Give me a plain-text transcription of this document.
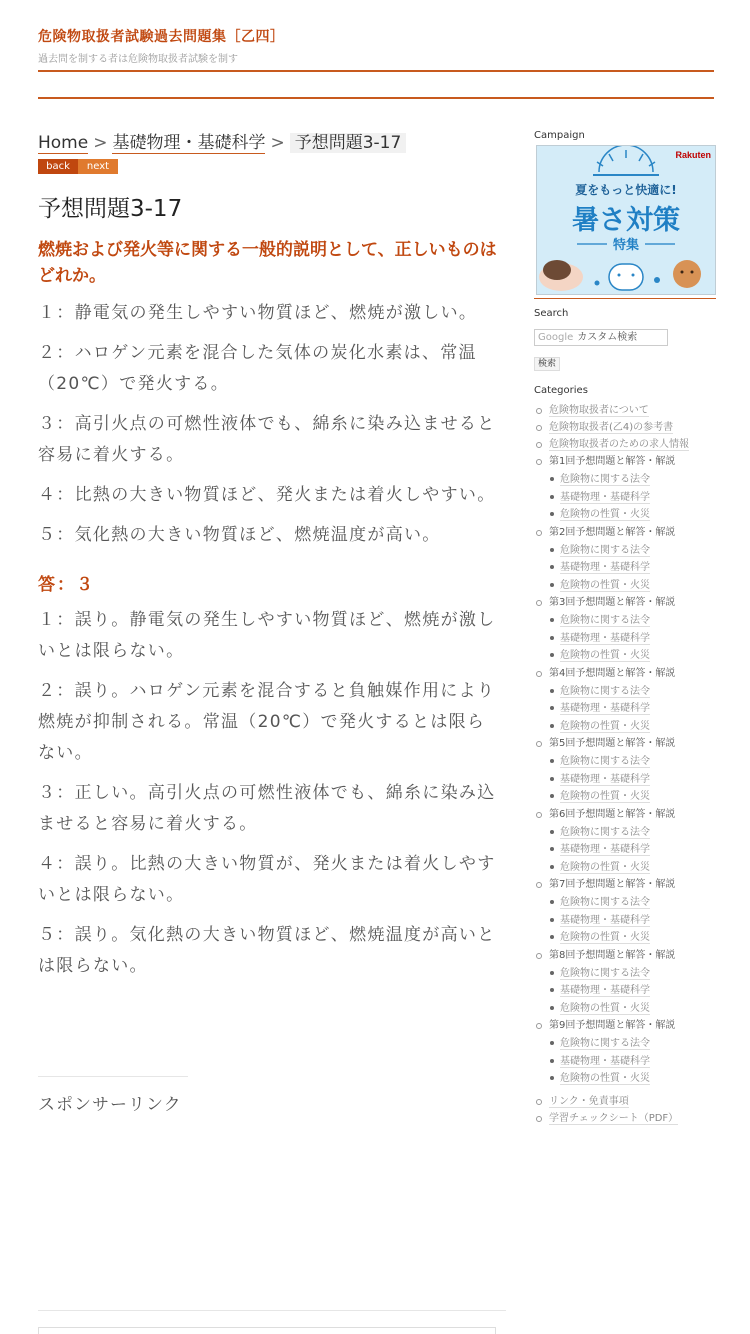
危険物取扱者試験過去問題集［乙四］
過去問を制する者は危険物取扱者試験を制す
Home > 基礎物理・基礎科学 > 予想問題3-17
back	next
予想問題3-17
燃焼および発火等に関する一般的説明として、正しいものはどれか。

１：静電気の発生しやすい物質ほど、燃焼が激しい。

２：ハロゲン元素を混合した気体の炭化水素は、常温（20℃）で発火する。

３：高引火点の可燃性液体でも、綿糸に染み込ませると容易に着火する。

４：比熱の大きい物質ほど、発火または着火しやすい。

５：気化熱の大きい物質ほど、燃焼温度が高い。

答：３

１：誤り。静電気の発生しやすい物質ほど、燃焼が激しいとは限らない。

２：誤り。ハロゲン元素を混合すると負触媒作用により燃焼が抑制される。常温（20℃）で発火するとは限らない。

３：正しい。高引火点の可燃性液体でも、綿糸に染み込ませると容易に着火する。

４：誤り。比熱の大きい物質が、発火または着火しやすいとは限らない。

５：誤り。気化熱の大きい物質ほど、燃焼温度が高いとは限らない。

スポンサーリンク
Campaign
Rakuten
夏をもっと快適に!
暑さ対策
特集
Search
Google カスタム検索
検索
Categories
危険物取扱者について
危険物取扱者(乙4)の参考書
危険物取扱者のための求人情報
第1回予想問題と解答・解説
危険物に関する法令
基礎物理・基礎科学
危険物の性質・火災
第2回予想問題と解答・解説
危険物に関する法令
基礎物理・基礎科学
危険物の性質・火災
第3回予想問題と解答・解説
危険物に関する法令
基礎物理・基礎科学
危険物の性質・火災
第4回予想問題と解答・解説
危険物に関する法令
基礎物理・基礎科学
危険物の性質・火災
第5回予想問題と解答・解説
危険物に関する法令
基礎物理・基礎科学
危険物の性質・火災
第6回予想問題と解答・解説
危険物に関する法令
基礎物理・基礎科学
危険物の性質・火災
第7回予想問題と解答・解説
危険物に関する法令
基礎物理・基礎科学
危険物の性質・火災
第8回予想問題と解答・解説
危険物に関する法令
基礎物理・基礎科学
危険物の性質・火災
第9回予想問題と解答・解説
危険物に関する法令
基礎物理・基礎科学
危険物の性質・火災
リンク・免責事項
学習チェックシート（PDF）
